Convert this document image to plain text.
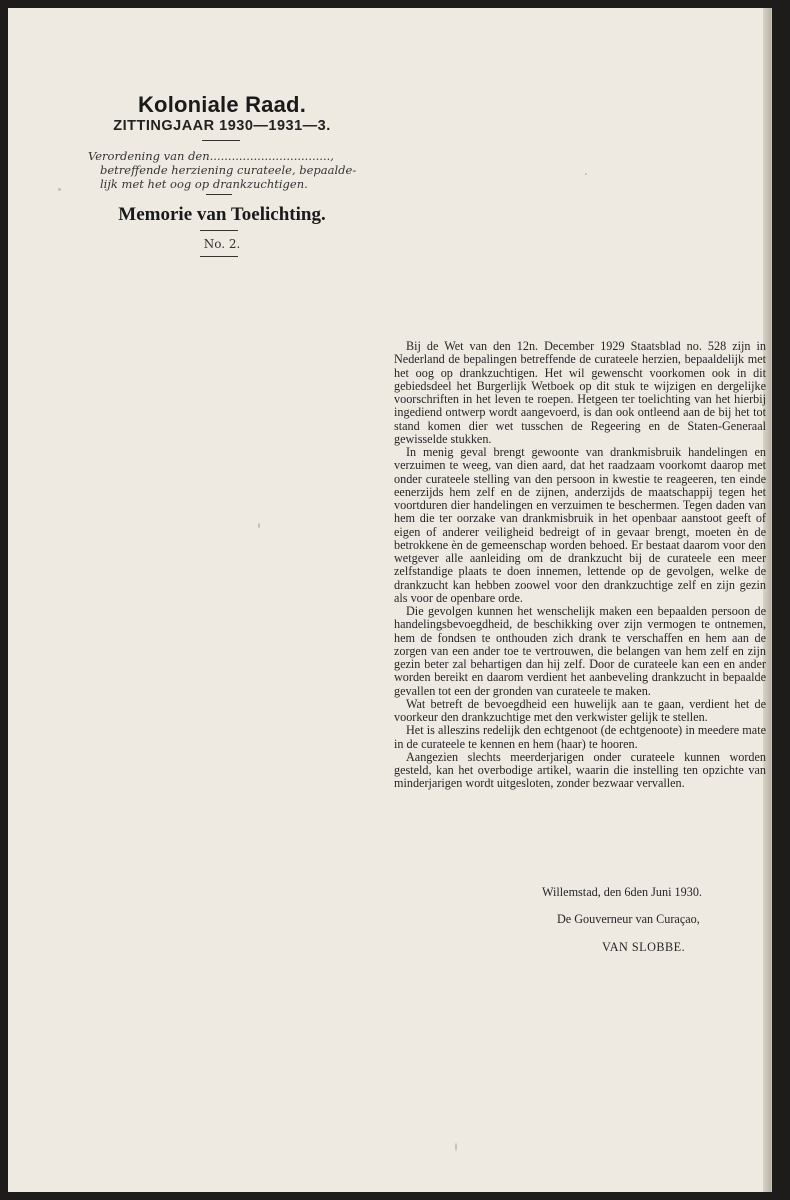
Koloniale Raad.
ZITTINGJAAR 1930—1931—3.
Verordening van den.................................,
betreffende herziening curateele, bepaalde-
lijk met het oog op drankzuchtigen.
Memorie van Toelichting.
No. 2.

Bij de Wet van den 12n. December 1929 Staatsblad no. 528 zijn in Nederland de bepalingen betreffende de curateele herzien, bepaaldelijk met het oog op drankzuchtigen. Het wil gewenscht voorkomen ook in dit gebiedsdeel het Burgerlijk Wetboek op dit stuk te wijzigen en dergelijke voorschriften in het leven te roepen. Hetgeen ter toelichting van het hierbij ingediend ontwerp wordt aangevoerd, is dan ook ontleend aan de bij het tot stand komen dier wet tusschen de Regeering en de Staten-Generaal gewisselde stukken.

In menig geval brengt gewoonte van drankmisbruik handelingen en verzuimen te weeg, van dien aard, dat het raadzaam voorkomt daarop met onder curateele stelling van den persoon in kwestie te reageeren, ten einde eenerzijds hem zelf en de zijnen, anderzijds de maatschappij tegen het voortduren dier handelingen en verzuimen te beschermen. Tegen daden van hem die ter oorzake van drankmisbruik in het openbaar aanstoot geeft of eigen of anderer veiligheid bedreigt of in gevaar brengt, moeten èn de betrokkene èn de gemeenschap worden behoed. Er bestaat daarom voor den wetgever alle aanleiding om de drankzucht bij de curateele een meer zelfstandige plaats te doen innemen, lettende op de gevolgen, welke de drankzucht kan hebben zoowel voor den drankzuchtige zelf en zijn gezin als voor de openbare orde.

Die gevolgen kunnen het wenschelijk maken een bepaalden persoon de handelingsbevoegdheid, de beschikking over zijn vermogen te ontnemen, hem de fondsen te onthouden zich drank te verschaffen en hem aan de zorgen van een ander toe te vertrouwen, die belangen van hem zelf en zijn gezin beter zal behartigen dan hij zelf. Door de curateele kan een en ander worden bereikt en daarom verdient het aanbeveling drankzucht in bepaalde gevallen tot een der gronden van curateele te maken.

Wat betreft de bevoegdheid een huwelijk aan te gaan, verdient het de voorkeur den drankzuchtige met den verkwister gelijk te stellen.

Het is alleszins redelijk den echtgenoot (de echtgenoote) in meedere mate in de curateele te kennen en hem (haar) te hooren.

Aangezien slechts meerderjarigen onder curateele kunnen worden gesteld, kan het overbodige artikel, waarin die instelling ten opzichte van minderjarigen wordt uitgesloten, zonder bezwaar vervallen.

Willemstad, den 6den Juni 1930.
De Gouverneur van Curaçao,
VAN SLOBBE.
